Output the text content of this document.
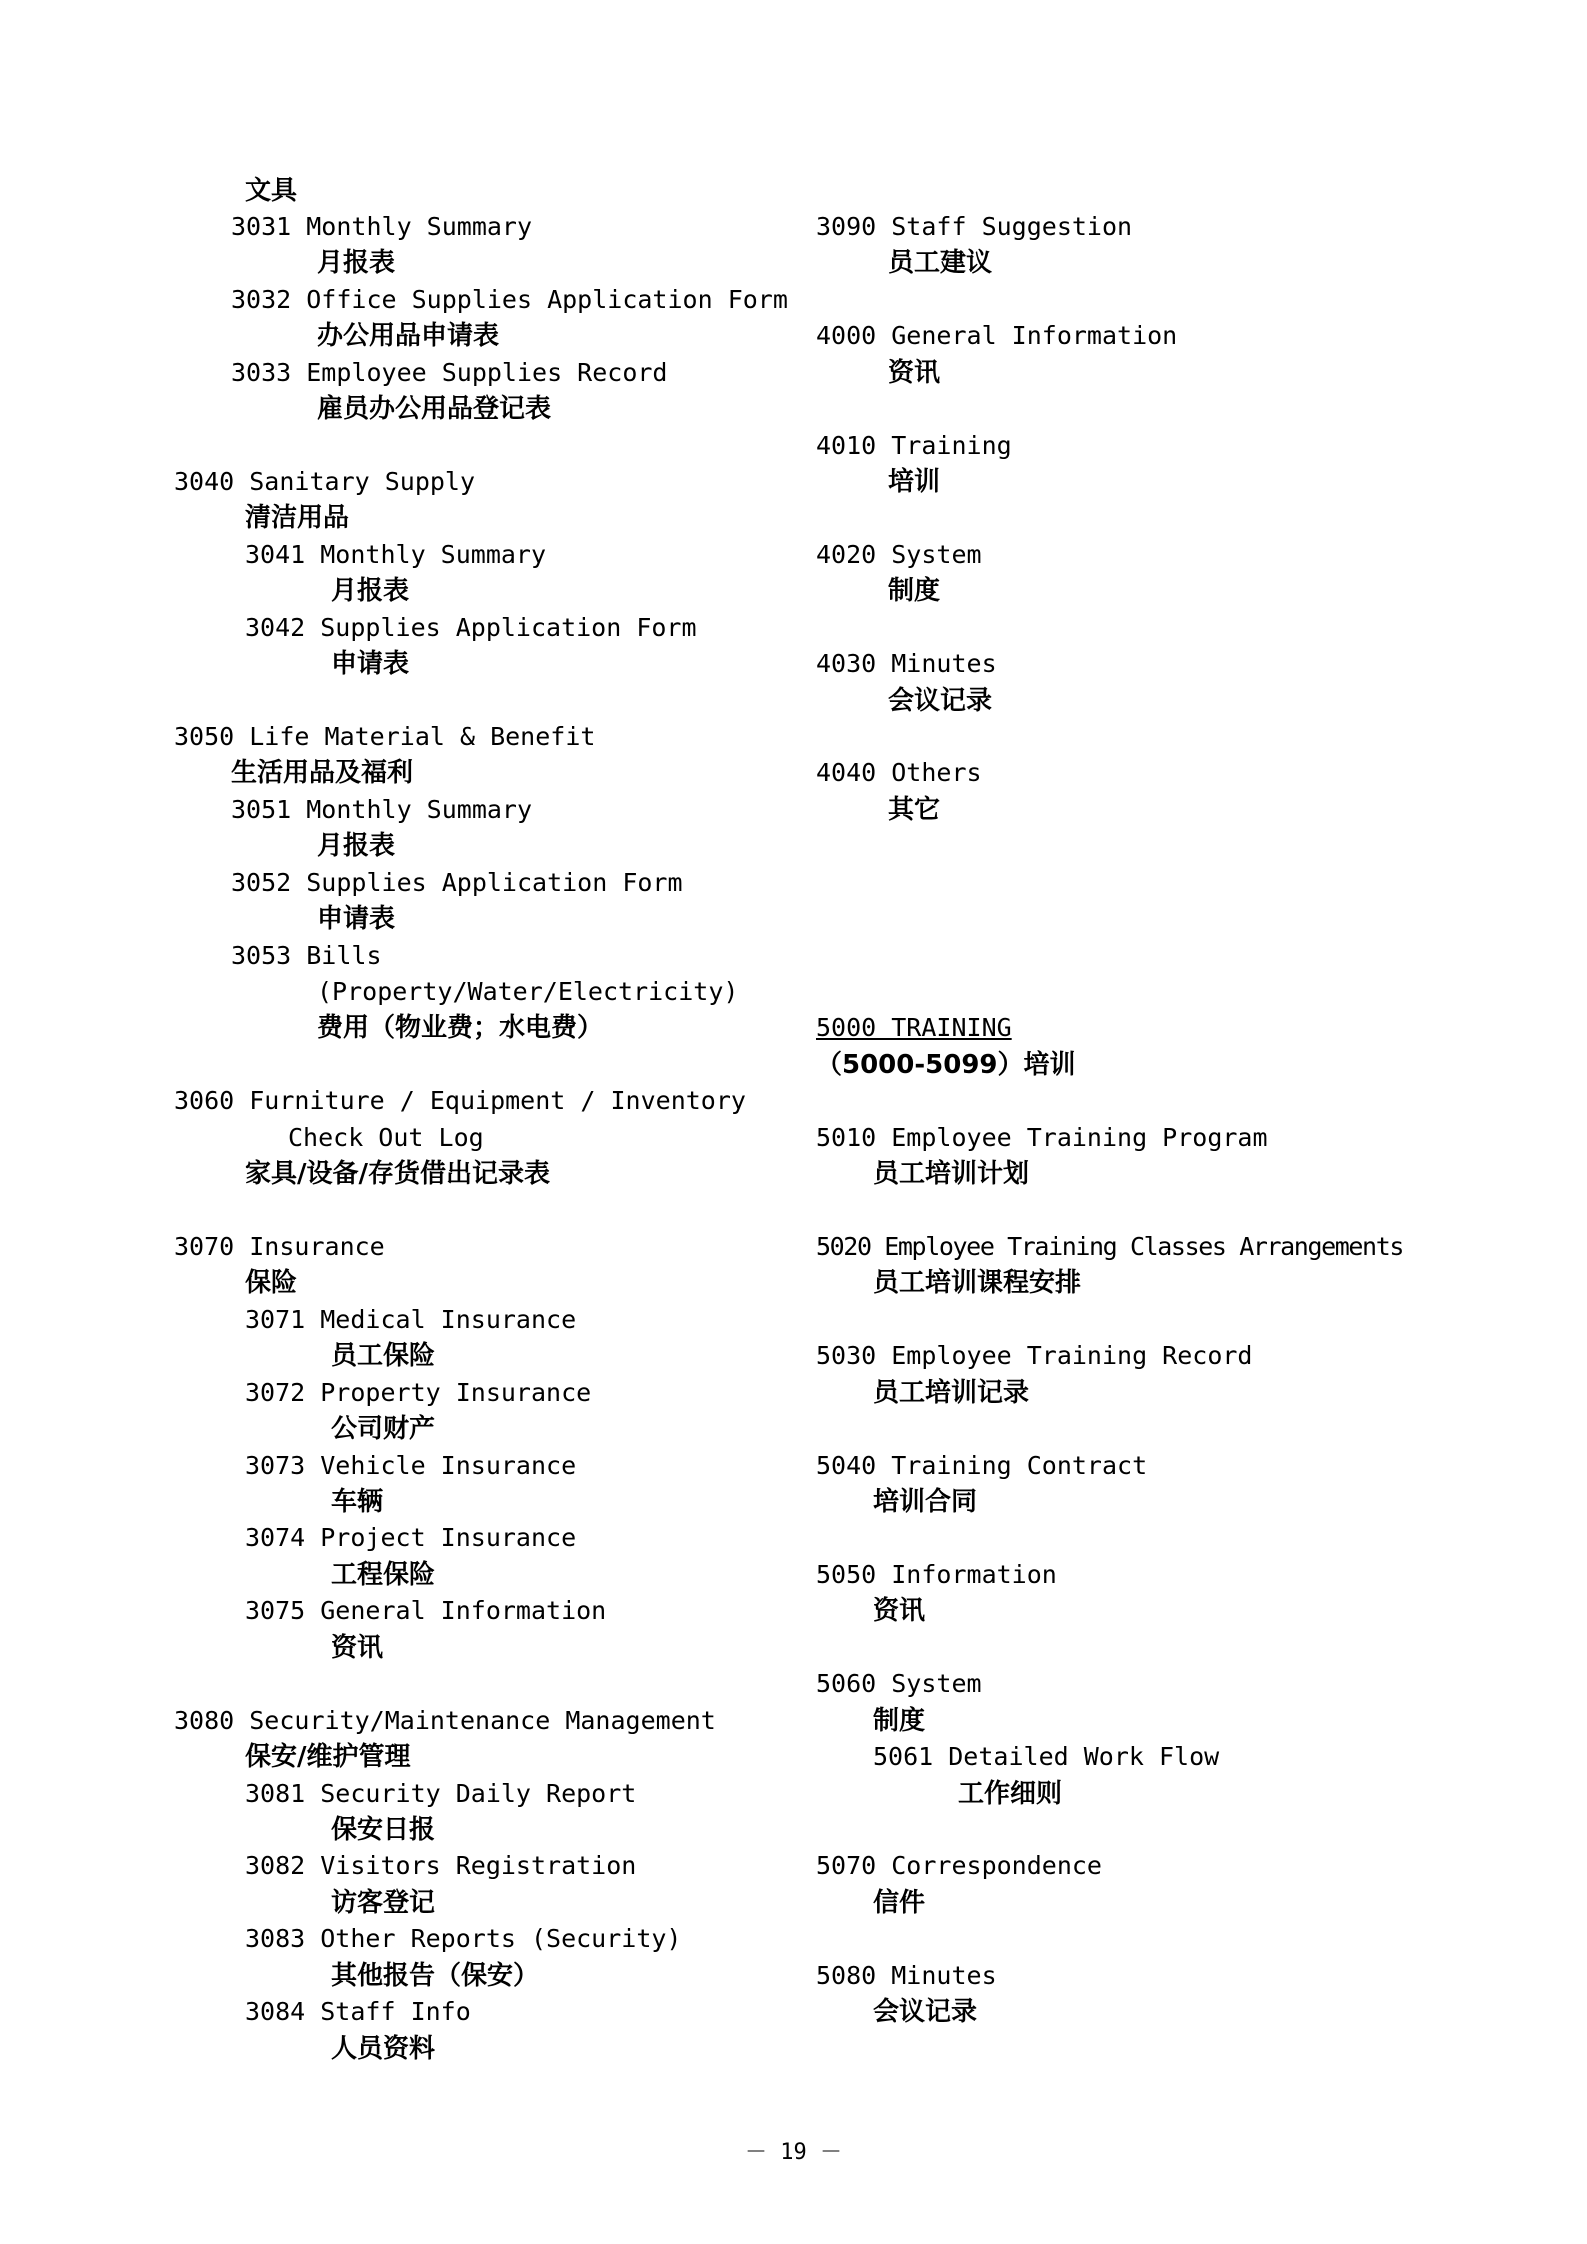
文具
3031 Monthly Summary
月报表
3032 Office Supplies Application Form
办公用品申请表
3033 Employee Supplies Record
雇员办公用品登记表
3040 Sanitary Supply
清洁用品
3041 Monthly Summary
月报表
3042 Supplies Application Form
申请表
3050 Life Material & Benefit
生活用品及福利
3051 Monthly Summary
月报表
3052 Supplies Application Form
申请表
3053 Bills
(Property/Water/Electricity)
费用（物业费；水电费）
3060 Furniture / Equipment / Inventory
Check Out Log
家具/设备/存货借出记录表
3070 Insurance
保险
3071 Medical Insurance
员工保险
3072 Property Insurance
公司财产
3073 Vehicle Insurance
车辆
3074 Project Insurance
工程保险
3075 General Information
资讯
3080 Security/Maintenance Management
保安/维护管理
3081 Security Daily Report
保安日报
3082 Visitors Registration
访客登记
3083 Other Reports (Security)
其他报告（保安）
3084 Staff Info
人员资料
3090 Staff Suggestion
员工建议
4000 General Information
资讯
4010 Training
培训
4020 System
制度
4030 Minutes
会议记录
4040 Others
其它
5000 TRAINING
（5000-5099）培训
5010 Employee Training Program
员工培训计划
5020 Employee Training Classes Arrangements
员工培训课程安排
5030 Employee Training Record
员工培训记录
5040 Training Contract
培训合同
5050 Information
资讯
5060 System
制度
5061 Detailed Work Flow
工作细则
5070 Correspondence
信件
5080 Minutes
会议记录
－ 19 －
